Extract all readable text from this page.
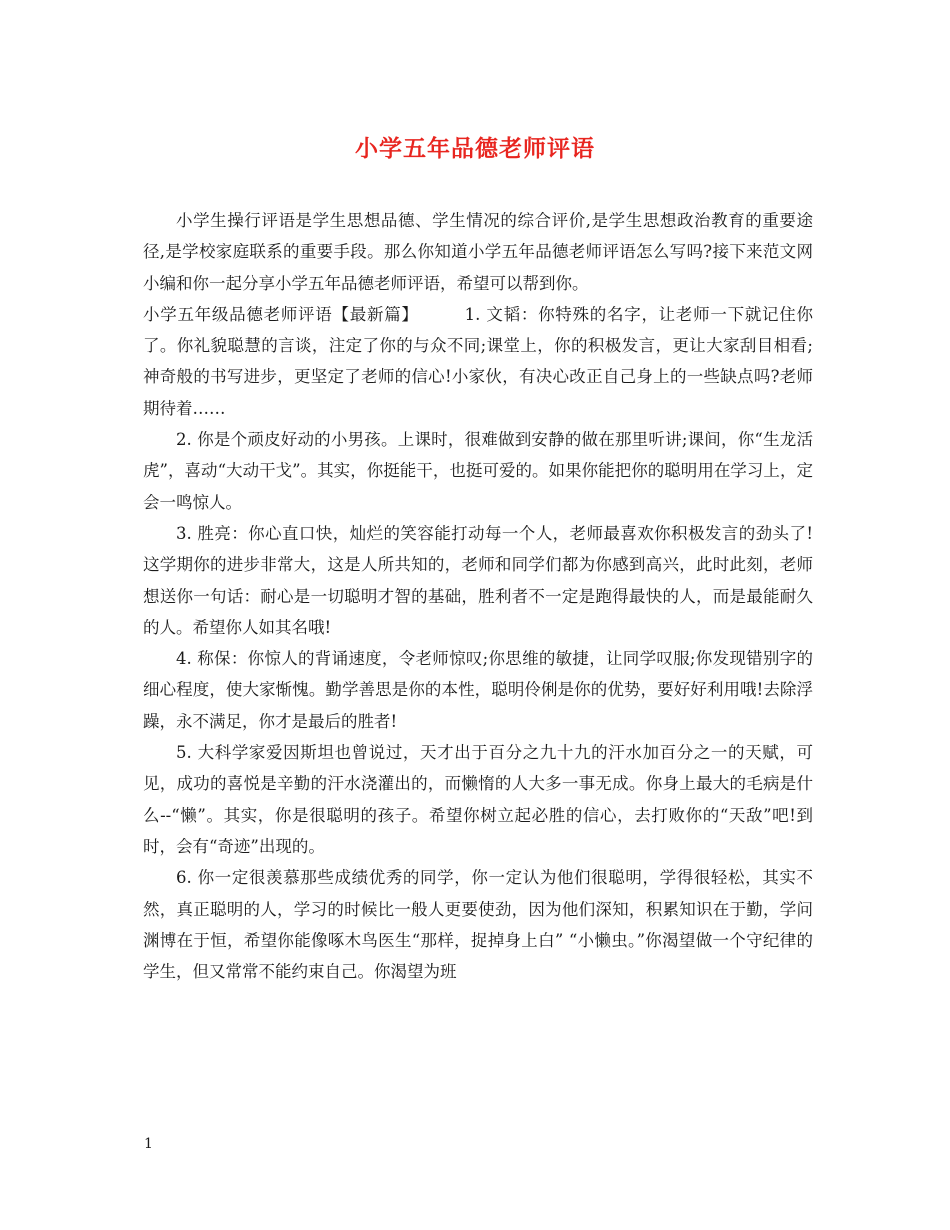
小学五年品德老师评语

小学生操行评语是学生思想品德、学生情况的综合评价,是学生思想政治教育的重要途径,是学校家庭联系的重要手段。那么你知道小学五年品德老师评语怎么写吗?接下来范文网小编和你一起分享小学五年品德老师评语，希望可以帮到你。

小学五年级品德老师评语【最新篇】	1. 文韬：你特殊的名字，让老师一下就记住你了。你礼貌聪慧的言谈，注定了你的与众不同;课堂上，你的积极发言，更让大家刮目相看;神奇般的书写进步，更坚定了老师的信心!小家伙，有决心改正自己身上的一些缺点吗?老师期待着……

2. 你是个顽皮好动的小男孩。上课时，很难做到安静的做在那里听讲;课间，你“生龙活虎”，喜动“大动干戈”。其实，你挺能干，也挺可爱的。如果你能把你的聪明用在学习上，定会一鸣惊人。

3. 胜亮：你心直口快，灿烂的笑容能打动每一个人，老师最喜欢你积极发言的劲头了!这学期你的进步非常大，这是人所共知的，老师和同学们都为你感到高兴，此时此刻，老师想送你一句话：耐心是一切聪明才智的基础，胜利者不一定是跑得最快的人，而是最能耐久的人。希望你人如其名哦!

4. 称保：你惊人的背诵速度，令老师惊叹;你思维的敏捷，让同学叹服;你发现错别字的细心程度，使大家惭愧。勤学善思是你的本性，聪明伶俐是你的优势，要好好利用哦!去除浮躁，永不满足，你才是最后的胜者!

5. 大科学家爱因斯坦也曾说过，天才出于百分之九十九的汗水加百分之一的天赋，可见，成功的喜悦是辛勤的汗水浇灌出的，而懒惰的人大多一事无成。你身上最大的毛病是什么--“懒”。其实，你是很聪明的孩子。希望你树立起必胜的信心，去打败你的“天敌”吧!到时，会有“奇迹”出现的。

6. 你一定很羡慕那些成绩优秀的同学，你一定认为他们很聪明，学得很轻松，其实不然，真正聪明的人，学习的时候比一般人更要使劲，因为他们深知，积累知识在于勤，学问渊博在于恒，希望你能像啄木鸟医生“那样，捉掉身上白” “小懒虫。”你渴望做一个守纪律的学生，但又常常不能约束自己。你渴望为班

1
